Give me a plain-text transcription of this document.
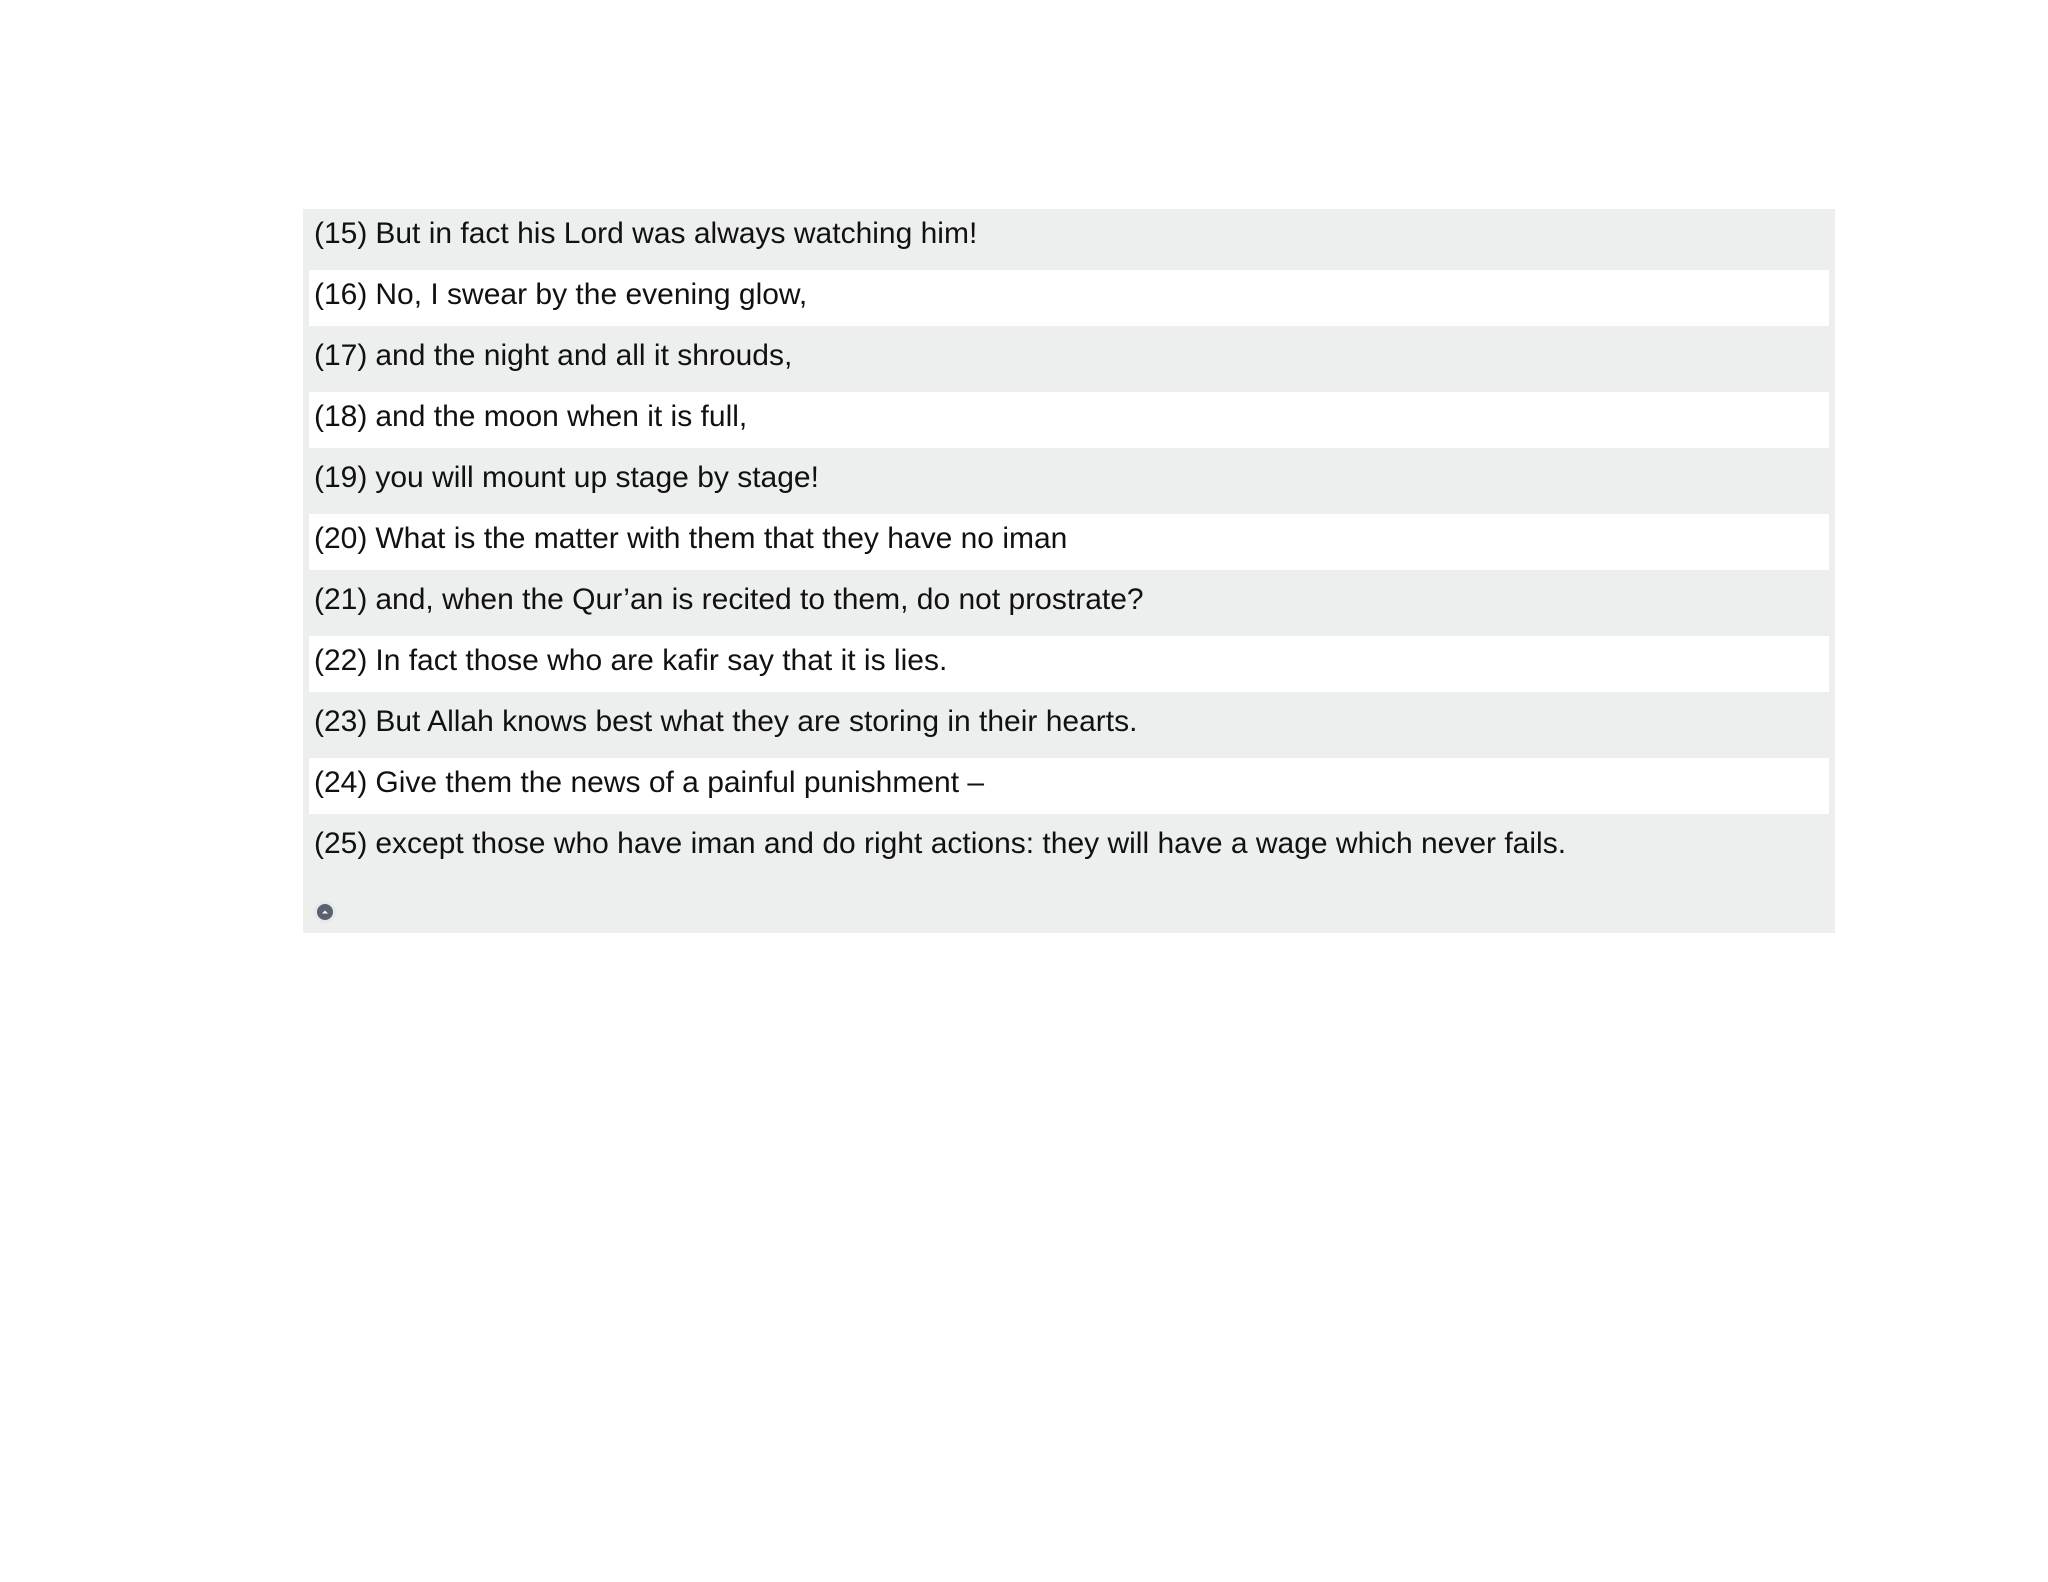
(15) But in fact his Lord was always watching him!
(16) No, I swear by the evening glow,
(17) and the night and all it shrouds,
(18) and the moon when it is full,
(19) you will mount up stage by stage!
(20) What is the matter with them that they have no iman
(21) and, when the Qur’an is recited to them, do not prostrate?
(22) In fact those who are kafir say that it is lies.
(23) But Allah knows best what they are storing in their hearts.
(24) Give them the news of a painful punishment –
(25) except those who have iman and do right actions: they will have a wage which never fails.
